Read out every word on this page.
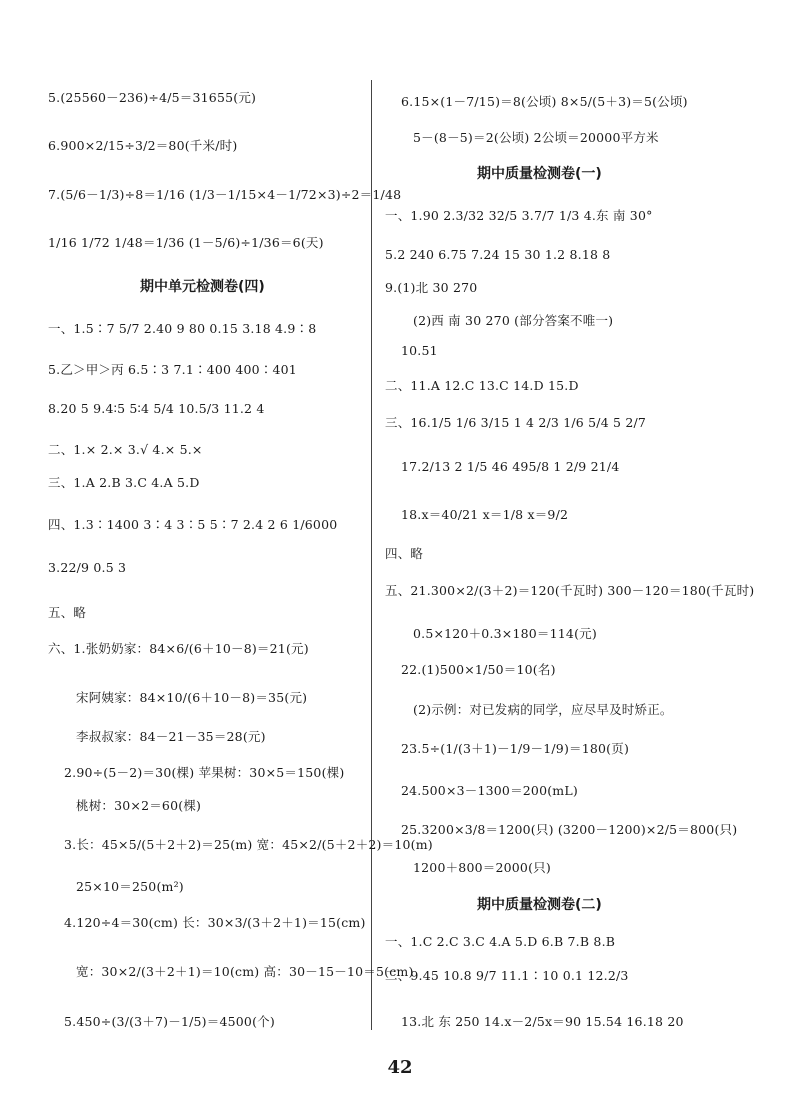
5.(25560－236)÷4/5＝31655(元)
6.900×2/15÷3/2＝80(千米/时)
7.(5/6－1/3)÷8＝1/16 (1/3－1/15×4－1/72×3)÷2＝1/48
1/16 1/72 1/48＝1/36 (1－5/6)÷1/36＝6(天)
期中单元检测卷(四)
一、1.5∶7 5/7 2.40 9 80 0.15 3.18 4.9∶8
5.乙＞甲＞丙 6.5∶3 7.1∶400 400∶401
8.20 5 9.4∶5 5∶4 5/4 10.5/3 11.2 4
二、1.× 2.× 3.√ 4.× 5.×
三、1.A 2.B 3.C 4.A 5.D
四、1.3∶1400 3∶4 3∶5 5∶7 2.4 2 6 1/6000
3.22/9 0.5 3
五、略
六、1.张奶奶家：84×6/(6＋10－8)＝21(元)
宋阿姨家：84×10/(6＋10－8)＝35(元)
李叔叔家：84－21－35＝28(元)
2.90÷(5－2)＝30(棵) 苹果树：30×5＝150(棵)
桃树：30×2＝60(棵)
3.长：45×5/(5＋2＋2)＝25(m) 宽：45×2/(5＋2＋2)＝10(m)
25×10＝250(m²)
4.120÷4＝30(cm) 长：30×3/(3＋2＋1)＝15(cm)
宽：30×2/(3＋2＋1)＝10(cm) 高：30－15－10＝5(cm)
5.450÷(3/(3＋7)－1/5)＝4500(个)
6.15×(1－7/15)＝8(公顷) 8×5/(5＋3)＝5(公顷)
5－(8－5)＝2(公顷) 2公顷＝20000平方米
期中质量检测卷(一)
一、1.90 2.3/32 32/5 3.7/7 1/3 4.东 南 30°
5.2 240 6.75 7.24 15 30 1.2 8.18 8
9.(1)北 30 270
(2)西 南 30 270 (部分答案不唯一)
10.51
二、11.A 12.C 13.C 14.D 15.D
三、16.1/5 1/6 3/15 1 4 2/3 1/6 5/4 5 2/7
17.2/13 2 1/5 46 495/8 1 2/9 21/4
18.x＝40/21 x＝1/8 x＝9/2
四、略
五、21.300×2/(3＋2)＝120(千瓦时) 300－120＝180(千瓦时)
0.5×120＋0.3×180＝114(元)
22.(1)500×1/50＝10(名)
(2)示例：对已发病的同学，应尽早及时矫正。
23.5÷(1/(3＋1)－1/9－1/9)＝180(页)
24.500×3－1300＝200(mL)
25.3200×3/8＝1200(只) (3200－1200)×2/5＝800(只)
1200＋800＝2000(只)
期中质量检测卷(二)
一、1.C 2.C 3.C 4.A 5.D 6.B 7.B 8.B
二、9.45 10.8 9/7 11.1∶10 0.1 12.2/3
13.北 东 250 14.x－2/5x＝90 15.54 16.18 20
42
